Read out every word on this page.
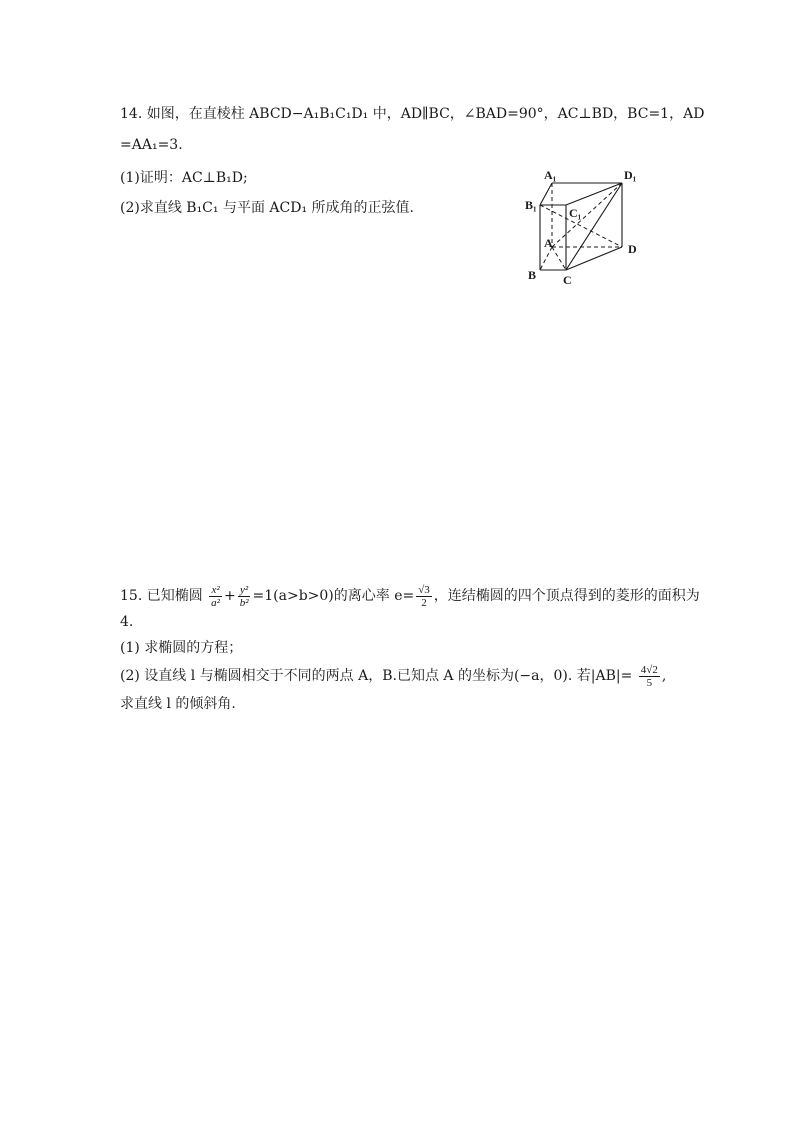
14. 如图，在直棱柱 ABCD−A₁B₁C₁D₁ 中，AD∥BC，∠BAD=90°，AC⊥BD，BC=1，AD
=AA₁=3.
(1)证明：AC⊥B₁D;
(2)求直线 B₁C₁ 与平面 ACD₁ 所成角的正弦值.
A₁	D₁
B₁
C₁
A	D
B C
15. 已知椭圆 $\frac{\text{x²}}{\text{a²}} + \frac{\text{y²}}{\text{b²}} =1(a>b>0)$的离心率 $e= \frac{√3}{2}$ ，连结椭圆的四个顶点得到的菱形的面积为
4.
(1) 求椭圆的方程；
(2) 设直线 l 与椭圆相交于不同的两点 A，B.已知点 A 的坐标为(−a，0). 若$|AB|= \frac{4√2}{5}$ ,
求直线 l 的倾斜角.
